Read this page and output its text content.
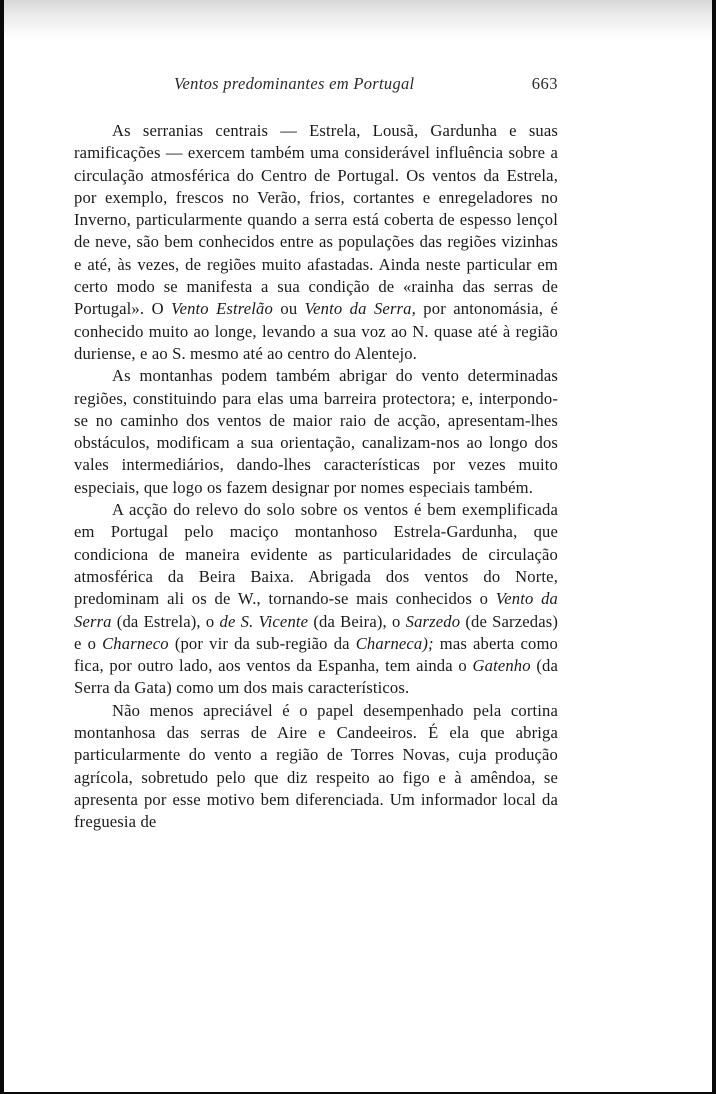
Ventos predominantes em Portugal	663

As serranias centrais — Estrela, Lousã, Gardunha e suas ramificações — exercem também uma considerável influência sobre a circulação atmosférica do Centro de Portugal. Os ventos da Estrela, por exemplo, frescos no Verão, frios, cortantes e enregeladores no Inverno, particularmente quando a serra está coberta de espesso lençol de neve, são bem conhecidos entre as populações das regiões vizinhas e até, às vezes, de regiões muito afastadas. Ainda neste particular em certo modo se manifesta a sua condição de «rainha das serras de Portugal». O Vento Estrelão ou Vento da Serra, por antonomásia, é conhecido muito ao longe, levando a sua voz ao N. quase até à região duriense, e ao S. mesmo até ao centro do Alentejo.

As montanhas podem também abrigar do vento determinadas regiões, constituindo para elas uma barreira protectora; e, interpondo-se no caminho dos ventos de maior raio de acção, apresentam-lhes obstáculos, modificam a sua orientação, canalizam-nos ao longo dos vales intermediários, dando-lhes características por vezes muito especiais, que logo os fazem designar por nomes especiais também.

A acção do relevo do solo sobre os ventos é bem exemplificada em Portugal pelo maciço montanhoso Estrela-Gardunha, que condiciona de maneira evidente as particularidades de circulação atmosférica da Beira Baixa. Abrigada dos ventos do Norte, predominam ali os de W., tornando-se mais conhecidos o Vento da Serra (da Estrela), o de S. Vicente (da Beira), o Sarzedo (de Sarzedas) e o Charneco (por vir da sub-região da Charneca); mas aberta como fica, por outro lado, aos ventos da Espanha, tem ainda o Gatenho (da Serra da Gata) como um dos mais característicos.

Não menos apreciável é o papel desempenhado pela cortina montanhosa das serras de Aire e Candeeiros. É ela que abriga particularmente do vento a região de Torres Novas, cuja produção agrícola, sobretudo pelo que diz respeito ao figo e à amêndoa, se apresenta por esse motivo bem diferenciada. Um informador local da freguesia de
